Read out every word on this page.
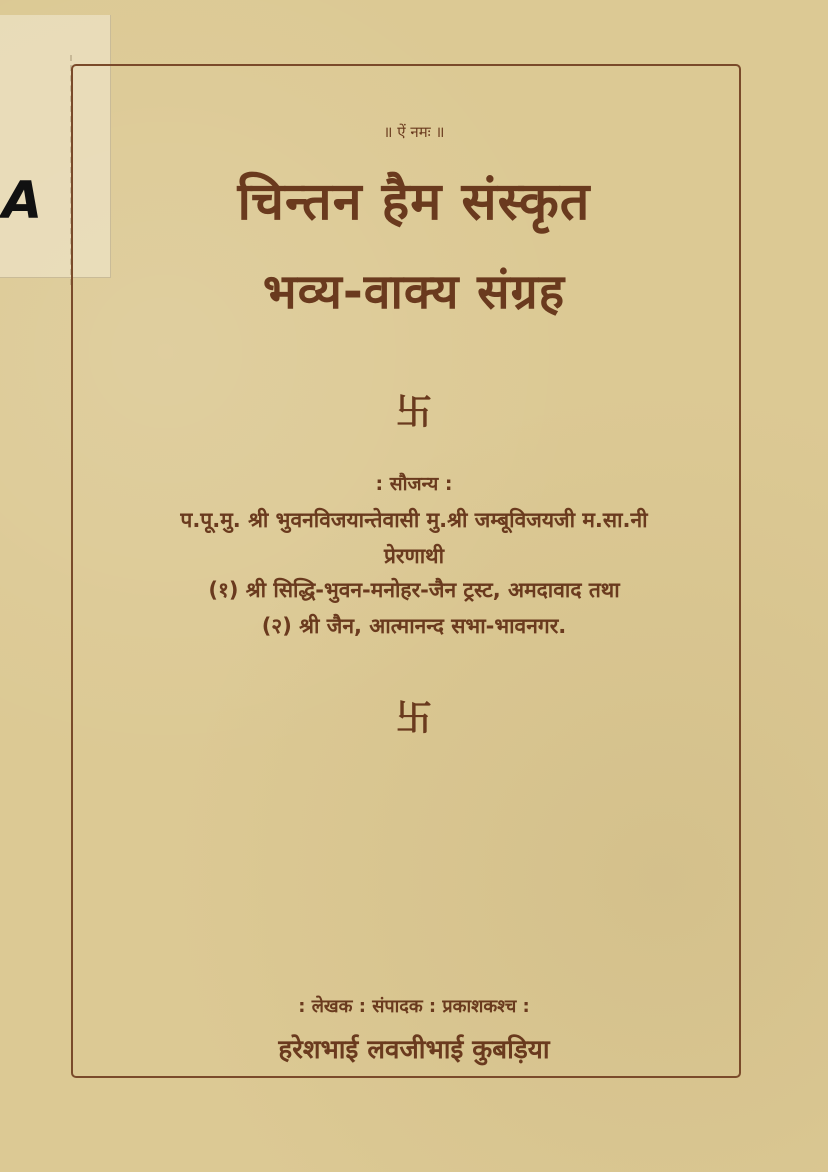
A
॥ ऐं नमः ॥
चिन्तन हैम संस्कृत
भव्य-वाक्य संग्रह
卐
: सौजन्य :
प.पू.मु. श्री भुवनविजयान्तेवासी मु.श्री जम्बूविजयजी म.सा.नी
प्रेरणाथी
(१) श्री सिद्धि-भुवन-मनोहर-जैन ट्रस्ट, अमदावाद तथा
(२) श्री जैन, आत्मानन्द सभा-भावनगर.
卐
: लेखक : संपादक : प्रकाशकश्च :
हरेशभाई लवजीभाई कुबड़िया
